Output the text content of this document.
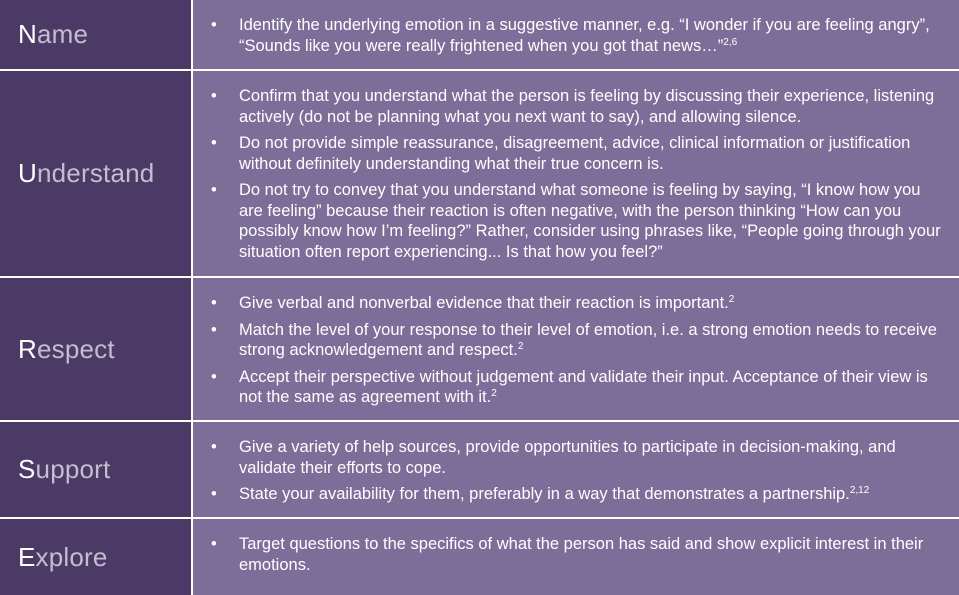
Name	• Identify the underlying emotion in a suggestive manner, e.g. “I wonder if you are feeling angry”, “Sounds like you were really frightened when you got that news…”$^{2,6}$
Understand
• Confirm that you understand what the person is feeling by discussing their experience, listening actively (do not be planning what you next want to say), and allowing silence.
• Do not provide simple reassurance, disagreement, advice, clinical information or justification without definitely understanding what their true concern is.
• Do not try to convey that you understand what someone is feeling by saying, “I know how you are feeling” because their reaction is often negative, with the person thinking “How can you possibly know how I’m feeling?” Rather, consider using phrases like, “People going through your situation often report experiencing... Is that how you feel?”
Respect
• Give verbal and nonverbal evidence that their reaction is important.$^2$
• Match the level of your response to their level of emotion, i.e. a strong emotion needs to receive strong acknowledgement and respect.$^2$
• Accept their perspective without judgement and validate their input. Acceptance of their view is not the same as agreement with it.$^2$
Support
• Give a variety of help sources, provide opportunities to participate in decision-making, and validate their efforts to cope.
• State your availability for them, preferably in a way that demonstrates a partnership.$^{2,12}$
Explore	• Target questions to the specifics of what the person has said and show explicit interest in their emotions.
